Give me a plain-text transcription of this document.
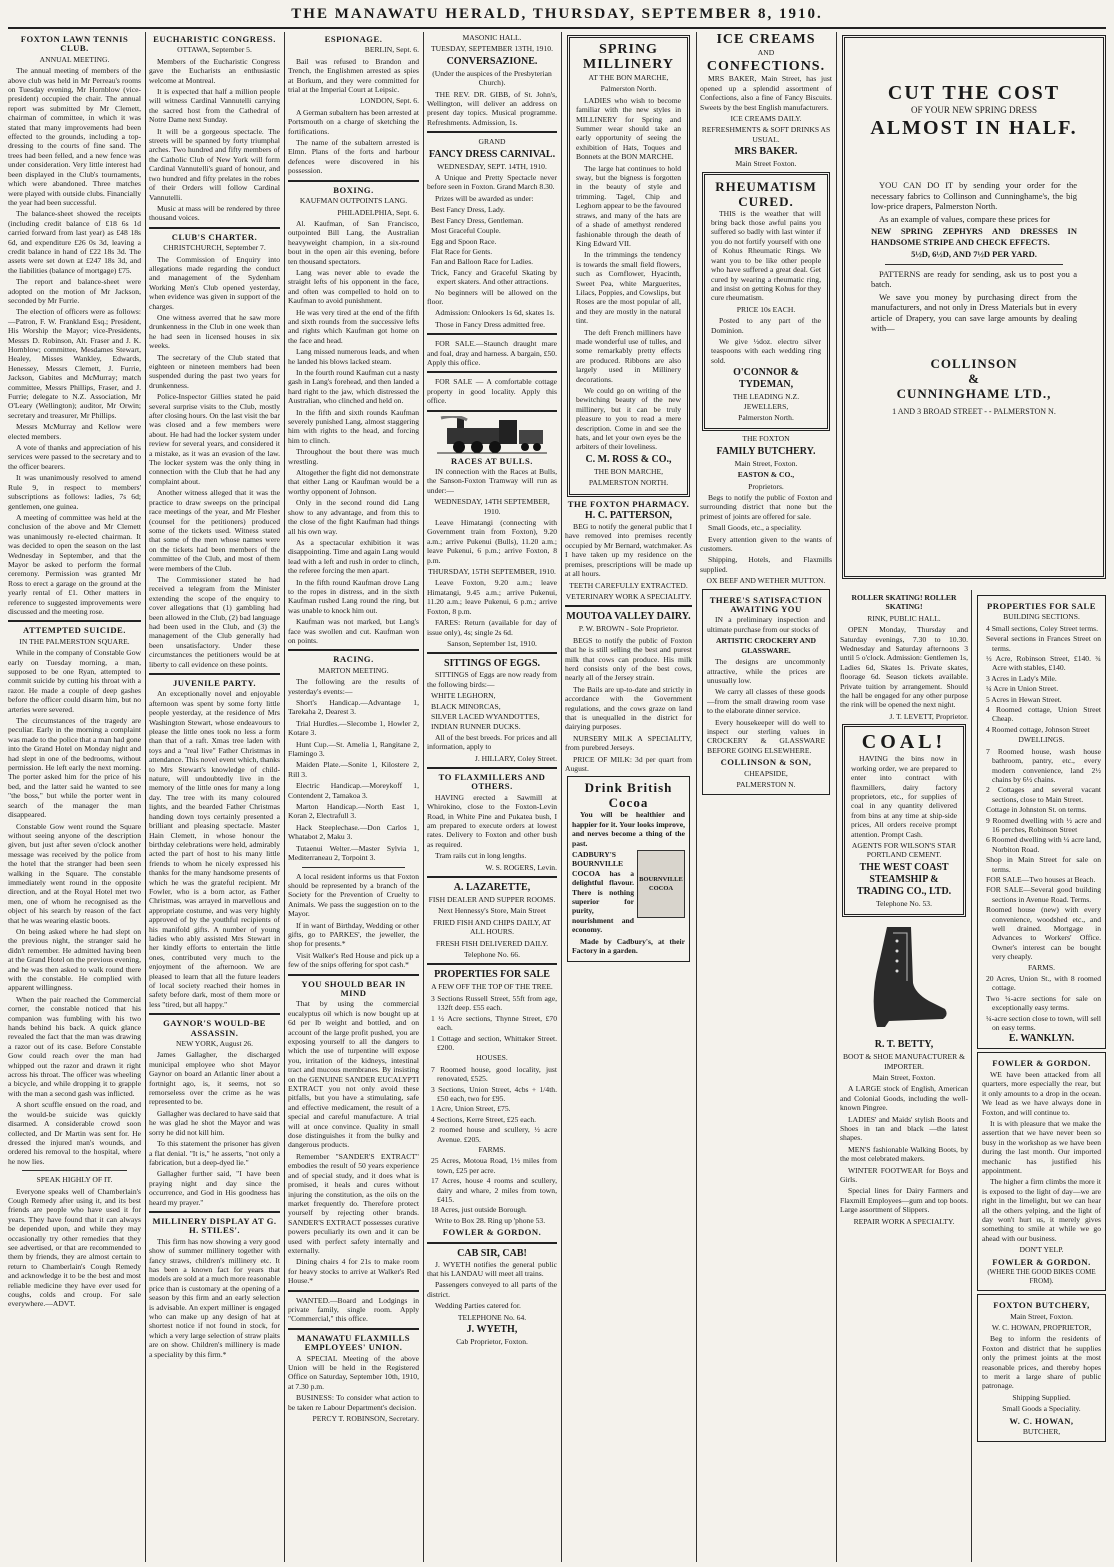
THE MANAWATU HERALD, THURSDAY, SEPTEMBER 8, 1910.
FOXTON LAWN TENNIS CLUB.
ANNUAL MEETING.

The annual meeting of members of the above club was held in Mr Perreau's rooms on Tuesday evening, Mr Hornblow (vice-president) occupied the chair. The annual report was submitted by Mr Clemett, chairman of committee, in which it was stated that many improvements had been effected to the grounds, including a top-dressing to the courts of fine sand. The trees had been felled, and a new fence was under consideration. Very little interest had been displayed in the Club's tournaments, which were abandoned. Three matches were played with outside clubs. Financially the year had been successful.

The balance-sheet showed the receipts (including credit balance of £18 6s 1d carried forward from last year) as £48 18s 6d, and expenditure £26 0s 3d, leaving a credit balance in hand of £22 18s 3d. The assets were set down at £247 18s 3d, and the liabilities (balance of mortgage) £75.

The report and balance-sheet were adopted on the motion of Mr Jackson, seconded by Mr Furrie.

The election of officers were as follows:—Patron, F. W. Frankland Esq.; President, His Worship the Mayor; vice-Presidents, Messrs D. Robinson, Alt. Fraser and J. K. Hornblow; committee, Mesdames Stewart, Healey, Misses Wankley, Edwards, Henessey, Messrs Clemett, J. Furrie, Jackson, Gabites and McMurray; match committee, Messrs Phillips, Fraser, and J. Furrie; delegate to N.Z. Association, Mr O'Leary (Wellington); auditor, Mr Orwin; secretary and treasurer, Mr Phillips.

Messrs McMurray and Kellow were elected members.

A vote of thanks and appreciation of his services were passed to the secretary and to the officer bearers.

It was unanimously resolved to amend Rule 9, in respect to members' subscriptions as follows: ladies, 7s 6d; gentlemen, one guinea.

A meeting of committee was held at the conclusion of the above and Mr Clemett was unanimously re-elected chairman. It was decided to open the season on the last Wednesday in September, and that the Mayor be asked to perform the formal ceremony. Permission was granted Mr Ross to erect a garage on the ground at the yearly rental of £1. Other matters in reference to suggested improvements were discussed and the meeting rose.

ATTEMPTED SUICIDE.
IN THE PALMERSTON SQUARE.

While in the company of Constable Gow early on Tuesday morning, a man, supposed to be one Ryan, attempted to commit suicide by cutting his throat with a razor. He made a couple of deep gashes before the officer could disarm him, but no arteries were severed.

The circumstances of the tragedy are peculiar. Early in the morning a complaint was made to the police that a man had gone into the Grand Hotel on Monday night and had slept in one of the bedrooms, without permission. He left early the next morning. The porter asked him for the price of his bed, and the latter said he wanted to see "the boss," but while the porter went in search of the manager the man disappeared.

Constable Gow went round the Square without seeing anyone of the description given, but just after seven o'clock another message was received by the police from the hotel that the stranger had been seen walking in the Square. The constable immediately went round in the opposite direction, and at the Royal Hotel met two men, one of whom he recognised as the object of his search by reason of the fact that he was wearing elastic boots.

On being asked where he had slept on the previous night, the stranger said he didn't remember. He admitted having been at the Grand Hotel on the previous evening, and he was then asked to walk round there with the constable. He complied with apparent willingness.

When the pair reached the Commercial corner, the constable noticed that his companion was fumbling with his two hands behind his back. A quick glance revealed the fact that the man was drawing a razor out of its case. Before Constable Gow could reach over the man had whipped out the razor and drawn it right across his throat. The officer was wheeling a bicycle, and while dropping it to grapple with the man a second gash was inflicted.

A short scuffle ensued on the road, and the would-be suicide was quickly disarmed. A considerable crowd soon collected, and Dr Martin was sent for. He dressed the injured man's wounds, and ordered his removal to the hospital, where he now lies.

SPEAK HIGHLY OF IT.

Everyone speaks well of Chamberlain's Cough Remedy after using it, and its best friends are people who have used it for years. They have found that it can always be depended upon, and while they may occasionally try other remedies that they see advertised, or that are recommended to them by friends, they are almost certain to return to Chamberlain's Cough Remedy and acknowledge it to be the best and most reliable medicine they have ever used for coughs, colds and croup. For sale everywhere.—ADVT.

EUCHARISTIC CONGRESS.
OTTAWA, September 5.

Members of the Eucharistic Congress gave the Eucharists an enthusiastic welcome at Montreal.

It is expected that half a million people will witness Cardinal Vannutelli carrying the sacred host from the Cathedral of Notre Dame next Sunday.

It will be a gorgeous spectacle. The streets will be spanned by forty triumphal arches. Two hundred and fifty members of the Catholic Club of New York will form Cardinal Vannutelli's guard of honour, and two hundred and fifty prelates in the robes of their Orders will follow Cardinal Vannutelli.

Music at mass will be rendered by three thousand voices.

CLUB'S CHARTER.
CHRISTCHURCH, September 7.

The Commission of Enquiry into allegations made regarding the conduct and management of the Sydenham Working Men's Club opened yesterday, when evidence was given in support of the charges.

One witness averred that he saw more drunkenness in the Club in one week than he had seen in licensed houses in six weeks.

The secretary of the Club stated that eighteen or nineteen members had been suspended during the past two years for drunkenness.

Police-Inspector Gillies stated he paid several surprise visits to the Club, mostly after closing hours. On the last visit the bar was closed and a few members were about. He had had the locker system under review for several years, and considered it a mistake, as it was an evasion of the law. The locker system was the only thing in connection with the Club that he had any complaint about.

Another witness alleged that it was the practice to draw sweeps on the principal race meetings of the year, and Mr Flesher (counsel for the petitioners) produced some of the tickets used. Witness stated that some of the men whose names were on the tickets had been members of the committee of the Club, and most of them were members of the Club.

The Commissioner stated he had received a telegram from the Minister extending the scope of the enquiry to cover allegations that (1) gambling had been allowed in the Club, (2) bad language had been used in the Club, and (3) the management of the Club generally had been unsatisfactory. Under these circumstances the petitioners would be at liberty to call evidence on these points.

JUVENILE PARTY.

An exceptionally novel and enjoyable afternoon was spent by some forty little people yesterday, at the residence of Mrs Washington Stewart, whose endeavours to please the little ones took no less a form than that of a raft. Xmas tree laden with toys and a "real live" Father Christmas in attendance. This novel event which, thanks to Mrs Stewart's knowledge of child-nature, will undoubtedly live in the memory of the little ones for many a long day. The tree with its many coloured lights, and the bearded Father Christmas handing down toys certainly presented a brilliant and pleasing spectacle. Master Hain Clemett, in whose honour the birthday celebrations were held, admirably acted the part of host to his many little friends to whom he nicely expressed his thanks for the many handsome presents of which he was the grateful recipient. Mr Fowler, who is a born actor, as Father Christmas, was arrayed in marvellous and appropriate costume, and was very highly approved of by the youthful recipients of his manifold gifts. A number of young ladies who ably assisted Mrs Stewart in her kindly efforts to entertain the little ones, contributed very much to the enjoyment of the afternoon. We are pleased to learn that all the future leaders of local society reached their homes in safety before dark, most of them more or less "tired, but all happy."

GAYNOR'S WOULD-BE ASSASSIN.
NEW YORK, August 26.

James Gallagher, the discharged municipal employee who shot Mayor Gaynor on board an Atlantic liner about a fortnight ago, is, it seems, not so remorseless over the crime as he was represented to be.

Gallagher was declared to have said that he was glad he shot the Mayor and was sorry he did not kill him.

To this statement the prisoner has given a flat denial. "It is," he asserts, "not only a fabrication, but a deep-dyed lie."

Gallagher further said, "I have been praying night and day since the occurrence, and God in His goodness has heard my prayer."

MILLINERY DISPLAY AT G. H. STILES'.

This firm has now showing a very good show of summer millinery together with fancy straws, children's millinery etc. It has been a known fact for years that models are sold at a much more reasonable price than is customary at the opening of a season by this firm and an early selection is advisable. An expert milliner is engaged who can make up any design of hat at shortest notice if not found in stock, for which a very large selection of straw plaits are on show. Children's millinery is made a speciality by this firm.*

ESPIONAGE.
BERLIN, Sept. 6.

Bail was refused to Brandon and Trench, the Englishmen arrested as spies at Borkum, and they were committed for trial at the Imperial Court at Leipsic.

LONDON, Sept. 6.

A German subaltern has been arrested at Portsmouth on a charge of sketching the fortifications.

The name of the subaltern arrested is Elmn. Plans of the forts and harbour defences were discovered in his possession.

BOXING.
KAUFMAN OUTPOINTS LANG.
PHILADELPHIA, Sept. 6.

Al. Kaufman, of San Francisco, outpointed Bill Lang, the Australian heavyweight champion, in a six-round bout in the open air this evening, before ten thousand spectators.

Lang was never able to evade the straight lefts of his opponent in the face, and often was compelled to hold on to Kaufman to avoid punishment.

He was very tired at the end of the fifth and sixth rounds from the successive lefts and rights which Kaufman got home on the face and head.

Lang missed numerous leads, and when he landed his blows lacked steam.

In the fourth round Kaufman cut a nasty gash in Lang's forehead, and then landed a hard right to the jaw, which distressed the Australian, who clinched and held on.

In the fifth and sixth rounds Kaufman severely punished Lang, almost staggering him with rights to the head, and forcing him to clinch.

Throughout the bout there was much wrestling.

Altogether the fight did not demonstrate that either Lang or Kaufman would be a worthy opponent of Johnson.

Only in the second round did Lang show to any advantage, and from this to the close of the fight Kaufman had things all his own way.

As a spectacular exhibition it was disappointing. Time and again Lang would lead with a left and rush in order to clinch, the referee forcing the men apart.

In the fifth round Kaufman drove Lang to the ropes in distress, and in the sixth Kaufman rushed Lang round the ring, but was unable to knock him out.

Kaufman was not marked, but Lang's face was swollen and cut. Kaufman won on points.

RACING.
MARTON MEETING.

The following are the results of yesterday's events:—

Short's Handicap.—Advantage 1, Tarekaha 2, Dearest 3.

Trial Hurdles.—Slecombe 1, Howler 2, Kotare 3.

Hunt Cup.—St. Amelia 1, Rangitane 2, Flamingo 3.

Maiden Plate.—Sonite 1, Kilostere 2, Rill 3.

Electric Handicap.—Moreykoff 1, Contendent 2, Tamakoa 3.

Marton Handicap.—North East 1, Koran 2, Electrafull 3.

Hack Steeplechase.—Don Carlos 1, Whatabot 2, Maku 3.

Tutaenui Welter.—Master Sylvia 1, Mediterraneau 2, Torpoint 3.

A local resident informs us that Foxton should be represented by a branch of the Society for the Prevention of Cruelty to Animals. We pass the suggestion on to the Mayor.

If in want of Birthday, Wedding or other gifts, go to PARKES', the jeweller, the shop for presents.*

Visit Walker's Red House and pick up a few of the snips offering for spot cash.*

YOU SHOULD BEAR IN MIND

That by using the commercial eucalyptus oil which is now bought up at 6d per lb weight and bottled, and on account of the large profit pushed, you are exposing yourself to all the dangers to which the use of turpentine will expose you, irritation of the kidneys, intestinal tract and mucous membranes. By insisting on the GENUINE SANDER EUCALYPTI EXTRACT you not only avoid these pitfalls, but you have a stimulating, safe and effective medicament, the result of a special and careful manufacture. A trial will at once convince. Quality in small dose distinguishes it from the bulky and dangerous products.

Remember "SANDER'S EXTRACT" embodies the result of 50 years experience and of special study, and it does what is promised, it heals and cures without injuring the constitution, as the oils on the market frequently do. Therefore protect yourself by rejecting other brands. SANDER'S EXTRACT possesses curative powers peculiarly its own and it can be used with perfect safety internally and externally.

Dining chairs 4 for 21s to make room for heavy stocks to arrive at Walker's Red House.*

WANTED.—Board and Lodgings in private family, single room. Apply "Commercial," this office.

MANAWATU FLAXMILLS EMPLOYEES' UNION.

A SPECIAL Meeting of the above Union will be held in the Registered Office on Saturday, September 10th, 1910, at 7.30 p.m.

BUSINESS: To consider what action to be taken re Labour Department's decision.

PERCY T. ROBINSON, Secretary.
MASONIC HALL.
TUESDAY, SEPTEMBER 13TH, 1910.
CONVERSAZIONE.
(Under the auspices of the Presbyterian Church).

THE REV. DR. GIBB, of St. John's, Wellington, will deliver an address on present day topics. Musical programme. Refreshments. Admission, 1s.

GRAND
FANCY DRESS CARNIVAL.
WEDNESDAY, SEPT. 14TH, 1910.

A Unique and Pretty Spectacle never before seen in Foxton. Grand March 8.30.

Prizes will be awarded as under:

Best Fancy Dress, Lady.
Best Fancy Dress, Gentleman.
Most Graceful Couple.
Egg and Spoon Race.
Flat Race for Gents.
Fan and Balloon Race for Ladies.
Trick, Fancy and Graceful Skating by expert skaters. And other attractions.

No beginners will be allowed on the floor.

Admission: Onlookers 1s 6d, skates 1s.

Those in Fancy Dress admitted free.

FOR SALE.—Staunch draught mare and foal, dray and harness. A bargain, £50. Apply this office.

FOR SALE — A comfortable cottage property in good locality. Apply this office.

RACES AT BULLS.

IN connection with the Races at Bulls, the Sanson-Foxton Tramway will run as under:—

WEDNESDAY, 14TH SEPTEMBER, 1910.

Leave Himatangi (connecting with Government train from Foxton), 9.20 a.m.; arrive Pukenui (Bulls), 11.20 a.m.; leave Pukenui, 6 p.m.; arrive Foxton, 8 p.m.

THURSDAY, 15TH SEPTEMBER, 1910.

Leave Foxton, 9.20 a.m.; leave Himatangi, 9.45 a.m.; arrive Pukenui, 11.20 a.m.; leave Pukenui, 6 p.m.; arrive Foxton, 8 p.m.

FARES: Return (available for day of issue only), 4s; single 2s 6d.

Sanson, September 1st, 1910.
SITTINGS OF EGGS.

SITTINGS of Eggs are now ready from the following birds:—

WHITE LEGHORN,
BLACK MINORCAS,
SILVER LACED WYANDOTTES,
INDIAN RUNNER DUCKS.

All of the best breeds. For prices and all information, apply to

J. HILLARY, Coley Street.
TO FLAXMILLERS AND OTHERS.

HAVING erected a Sawmill at Whirokino, close to the Foxton-Levin Road, in White Pine and Pukatea bush, I am prepared to execute orders at lowest rates. Delivery to Foxton and other bush as required.

Tram rails cut in long lengths.

W. S. ROGERS, Levin.
A. LAZARETTE,
FISH DEALER AND SUPPER ROOMS.
Next Hennessy's Store, Main Street
FRIED FISH AND CHIPS DAILY, AT ALL HOURS.
FRESH FISH DELIVERED DAILY.
Telephone No. 66.
PROPERTIES FOR SALE
A FEW OFF THE TOP OF THE TREE.
3 Sections Russell Street, 55ft from age, 132ft deep. £55 each.
1 ½ Acre sections, Thynne Street, £70 each.
1 Cottage and section, Whittaker Street. £200.
HOUSES.
7 Roomed house, good locality, just renovated, £525.
3 Sections, Union Street, 4cbs + 1/4th. £50 each, two for £95.
1 Acre, Union Street, £75.
4 Sections, Kerre Street, £25 each.
2 roomed house and scullery, ½ acre Avenue. £205.
FARMS.
25 Acres, Motoua Road, 1½ miles from town, £25 per acre.
17 Acres, house 4 rooms and scullery, dairy and whare, 2 miles from town, £415.
18 Acres, just outside Borough.

Write to Box 28. Ring up 'phone 53.

FOWLER & GORDON.
CAB SIR, CAB!

J. WYETH notifies the general public that his LANDAU will meet all trains.

Passengers conveyed to all parts of the district.

Wedding Parties catered for.

TELEPHONE No. 64.
J. WYETH,
Cab Proprietor, Foxton.
SPRING MILLINERY
AT THE BON MARCHE,
Palmerston North.

LADIES who wish to become familiar with the new styles in MILLINERY for Spring and Summer wear should take an early opportunity of seeing the exhibition of Hats, Toques and Bonnets at the BON MARCHE.

The large hat continues to hold sway, but the bigness is forgotten in the beauty of style and trimming. Tagel, Chip and Leghorn appear to be the favoured straws, and many of the hats are of a shade of amethyst rendered fashionable through the death of King Edward VII.

In the trimmings the tendency is towards the small field flowers, such as Cornflower, Hyacinth, Sweet Pea, white Marguerites, Lilacs, Poppies, and Cowslips, but Roses are the most popular of all, and they are mostly in the natural tint.

The deft French milliners have made wonderful use of tulles, and some remarkably pretty effects are produced. Ribbons are also largely used in Millinery decorations.

We could go on writing of the bewitching beauty of the new millinery, but it can be truly pleasure to you to read a mere description. Come in and see the hats, and let your own eyes be the arbiters of their loveliness.

C. M. ROSS & CO.,
THE BON MARCHE,
PALMERSTON NORTH.
THE FOXTON PHARMACY.
H. C. PATTERSON,

BEG to notify the general public that I have removed into premises recently occupied by Mr Bernard, watchmaker. As I have taken up my residence on the premises, prescriptions will be made up at all hours.

TEETH CAREFULLY EXTRACTED.
VETERINARY WORK A SPECIALITY.
MOUTOA VALLEY DAIRY.
P. W. BROWN - Sole Proprietor.

BEGS to notify the public of Foxton that he is still selling the best and purest milk that cows can produce. His milk herd consists only of the best cows, nearly all of the Jersey strain.

The Bails are up-to-date and strictly in accordance with the Government regulations, and the cows graze on land that is unequalled in the district for dairying purposes.

NURSERY MILK A SPECIALITY, from purebred Jerseys.

PRICE OF MILK: 3d per quart from August.

Drink British Cocoa

You will be healthier and happier for it. Your looks improve, and nerves become a thing of the past.

CADBURY'S BOURNVILLE COCOA has a delightful flavour. There is nothing superior for purity, nourishment and economy.

BOURNVILLE COCOA

Made by Cadbury's, at their Factory in a garden.

ICE CREAMS
AND
CONFECTIONS.

MRS BAKER, Main Street, has just opened up a splendid assortment of Confections, also a fine of Fancy Biscuits. Sweets by the best English manufacturers.

ICE CREAMS DAILY.
REFRESHMENTS & SOFT DRINKS AS USUAL.
MRS BAKER.
Main Street Foxton.
RHEUMATISM CURED.

THIS is the weather that will bring back those awful pains you suffered so badly with last winter if you do not fortify yourself with one of Kohus Rheumatic Rings. We want you to be like other people who have suffered a great deal. Get cured by wearing a rheumatic ring, and insist on getting Kohus for they cure rheumatism.

PRICE 10s EACH.

Posted to any part of the Dominion.

We give ½doz. electro silver teaspoons with each wedding ring sold.

O'CONNOR & TYDEMAN,
THE LEADING N.Z. JEWELLERS,
Palmerston North.
THE FOXTON
FAMILY BUTCHERY.
Main Street, Foxton.
EASTON & CO.,
Proprietors.

Begs to notify the public of Foxton and surrounding district that none but the primest of joints are offered for sale.

Small Goods, etc., a speciality.

Every attention given to the wants of customers.

Shipping, Hotels, and Flaxmills supplied.

OX BEEF AND WETHER MUTTON.
THERE'S SATISFACTION AWAITING YOU

IN a preliminary inspection and ultimate purchase from our stocks of

ARTISTIC CROCKERY AND GLASSWARE.

The designs are uncommonly attractive, while the prices are unusually low.

We carry all classes of these goods—from the small drawing room vase to the elaborate dinner service.

Every housekeeper will do well to inspect our sterling values in CROCKERY & GLASSWARE BEFORE GOING ELSEWHERE.

COLLINSON & SON,
CHEAPSIDE,
PALMERSTON N.
CUT THE COST
OF YOUR NEW SPRING DRESS
ALMOST IN HALF.

YOU CAN DO IT by sending your order for the necessary fabrics to Collinson and Cunninghame's, the big low-price drapers, Palmerston North.

As an example of values, compare these prices for

NEW SPRING ZEPHYRS AND DRESSES IN HANDSOME STRIPE AND CHECK EFFECTS.

5½D, 6½D, AND 7½D PER YARD.

PATTERNS are ready for sending, ask us to post you a batch.

We save you money by purchasing direct from the manufacturers, and not only in Dress Materials but in every article of Drapery, you can save large amounts by dealing with—

COLLINSON
&
CUNNINGHAME LTD.,
1 AND 3 BROAD STREET - - PALMERSTON N.
ROLLER SKATING! ROLLER SKATING!
RINK, PUBLIC HALL.

OPEN Monday, Thursday and Saturday evenings, 7.30 to 10.30. Wednesday and Saturday afternoons 3 until 5 o'clock. Admission: Gentlemen 1s, Ladies 6d, Skates 1s. Private skates, floorage 6d. Season tickets available. Private tuition by arrangement. Should the hall be engaged for any other purpose the rink will be opened the next night.

J. T. LEVETT, Proprietor.
COAL!

HAVING the bins now in working order, we are prepared to enter into contract with flaxmillers, dairy factory proprietors, etc., for supplies of coal in any quantity delivered from bins at any time at ship-side prices, All orders receive prompt attention. Prompt Cash.

AGENTS FOR WILSON'S STAR PORTLAND CEMENT.
THE WEST COAST STEAMSHIP & TRADING CO., LTD.
Telephone No. 53.
R. T. BETTY,
BOOT & SHOE MANUFACTURER & IMPORTER.
Main Street, Foxton.

A LARGE stock of English, American and Colonial Goods, including the well-known Pingree.

LADIES' and Maids' stylish Boots and Shoes in tan and black —the latest shapes.

MEN'S fashionable Walking Boots, by the most celebrated makers.

WINTER FOOTWEAR for Boys and Girls.

Special lines for Dairy Farmers and Flaxmill Employees—gum and top boots. Large assortment of Slippers.

REPAIR WORK A SPECIALTY.
PROPERTIES FOR SALE
BUILDING SECTIONS.
4 Small sections, Coley Street terms.
Several sections in Frances Street on terms.
½ Acre, Robinson Street, £140. ¾ Acre with stables, £140.
3 Acres in Lady's Mile.
¼ Acre in Union Street.
5 Acres in Hewan Street.
4 Roomed cottage, Union Street Cheap.
4 Roomed cottage, Johnson Street
DWELLINGS.
7 Roomed house, wash house bathroom, pantry, etc., every modern convenience, land 2½ chains by 6½ chains.
2 Cottages and several vacant sections, close to Main Street.
Cottage in Johnston St. on terms.
9 Roomed dwelling with ½ acre and 16 perches, Robinson Street
6 Roomed dwelling with ¼ acre land, Norbiton Road.
Shop in Main Street for sale on terms.
FOR SALE—Two houses at Beach.
FOR SALE—Several good building sections in Avenue Road. Terms.
Roomed house (new) with every convenience, woodshed etc., and well drained. Mortgage in Advances to Workers' Office. Owner's interest can be bought very cheaply.
FARMS.
20 Acres, Union St., with 8 roomed cottage.
Two ¼-acre sections for sale on exceptionally easy terms.
¼-acre section close to town, will sell on easy terms.
E. WANKLYN.
FOWLER & GORDON.

WE have been attacked from all quarters, more especially the rear, but it only amounts to a drop in the ocean. We lead as we have always done in Foxton, and will continue to.

It is with pleasure that we make the assertion that we have never been so busy in the workshop as we have been during the last month. Our imported mechanic has justified his appointment.

The higher a firm climbs the more it is exposed to the light of day—we are right in the limelight, but we can hear all the others yelping, and the light of day won't hurt us, it merely gives something to smile at while we go ahead with our business.

DON'T YELP.
FOWLER & GORDON.
(WHERE THE GOOD BIKES COME FROM).
FOXTON BUTCHERY,
Main Street, Foxton.
W. C. HOWAN, PROPRIETOR,

Beg to inform the residents of Foxton and district that he supplies only the primest joints at the most reasonable prices, and thereby hopes to merit a large share of public patronage.

Shipping Supplied.
Small Goods a Speciality.
W. C. HOWAN,
BUTCHER,
